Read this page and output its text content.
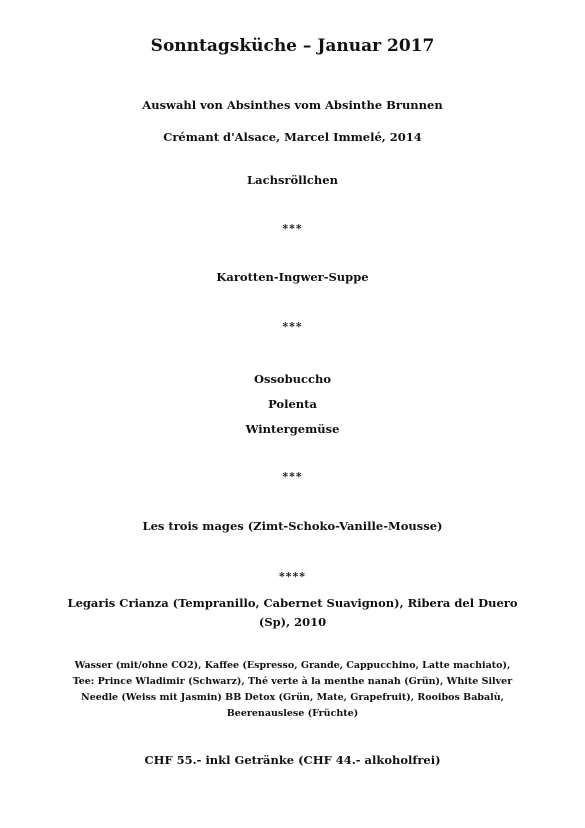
Sonntagsküche – Januar 2017
Auswahl von Absinthes vom Absinthe Brunnen
Crémant d'Alsace, Marcel Immelé, 2014
Lachsröllchen
***
Karotten-Ingwer-Suppe
***
Ossobuccho
Polenta
Wintergemüse
***
Les trois mages (Zimt-Schoko-Vanille-Mousse)
****
Legaris Crianza (Tempranillo, Cabernet Suavignon), Ribera del Duero (Sp), 2010
Wasser (mit/ohne CO2), Kaffee (Espresso, Grande, Cappucchino, Latte machiato), Tee: Prince Wladimir (Schwarz), Thé verte à la menthe nanah (Grün), White Silver Needle (Weiss mit Jasmin) BB Detox (Grün, Mate, Grapefruit), Rooibos Babalù, Beerenauslese (Früchte)
CHF 55.- inkl Getränke (CHF 44.- alkoholfrei)
